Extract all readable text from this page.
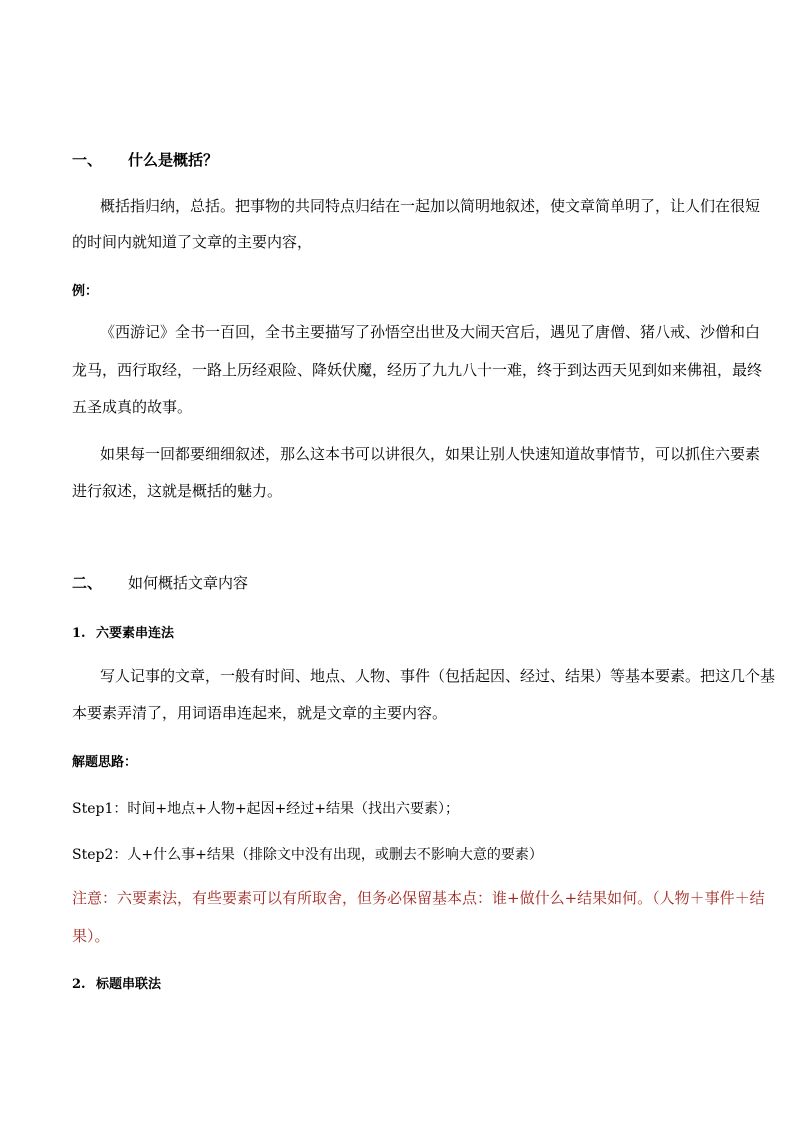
一、 什么是概括？
概括指归纳，总括。把事物的共同特点归结在一起加以简明地叙述，使文章简单明了，让人们在很短
的时间内就知道了文章的主要内容，
例：
《西游记》全书一百回，全书主要描写了孙悟空出世及大闹天宫后，遇见了唐僧、猪八戒、沙僧和白
龙马，西行取经，一路上历经艰险、降妖伏魔，经历了九九八十一难，终于到达西天见到如来佛祖，最终
五圣成真的故事。
如果每一回都要细细叙述，那么这本书可以讲很久，如果让别人快速知道故事情节，可以抓住六要素
进行叙述，这就是概括的魅力。
二、 如何概括文章内容
1. 六要素串连法
写人记事的文章，一般有时间、地点、人物、事件（包括起因、经过、结果）等基本要素。把这几个基
本要素弄清了，用词语串连起来，就是文章的主要内容。
解题思路：
Step1：时间+地点+人物+起因+经过+结果（找出六要素）；
Step2：人+什么事+结果（排除文中没有出现，或删去不影响大意的要素）
注意：六要素法，有些要素可以有所取舍，但务必保留基本点：谁+做什么+结果如何。（人物＋事件＋结
果）。
2. 标题串联法
